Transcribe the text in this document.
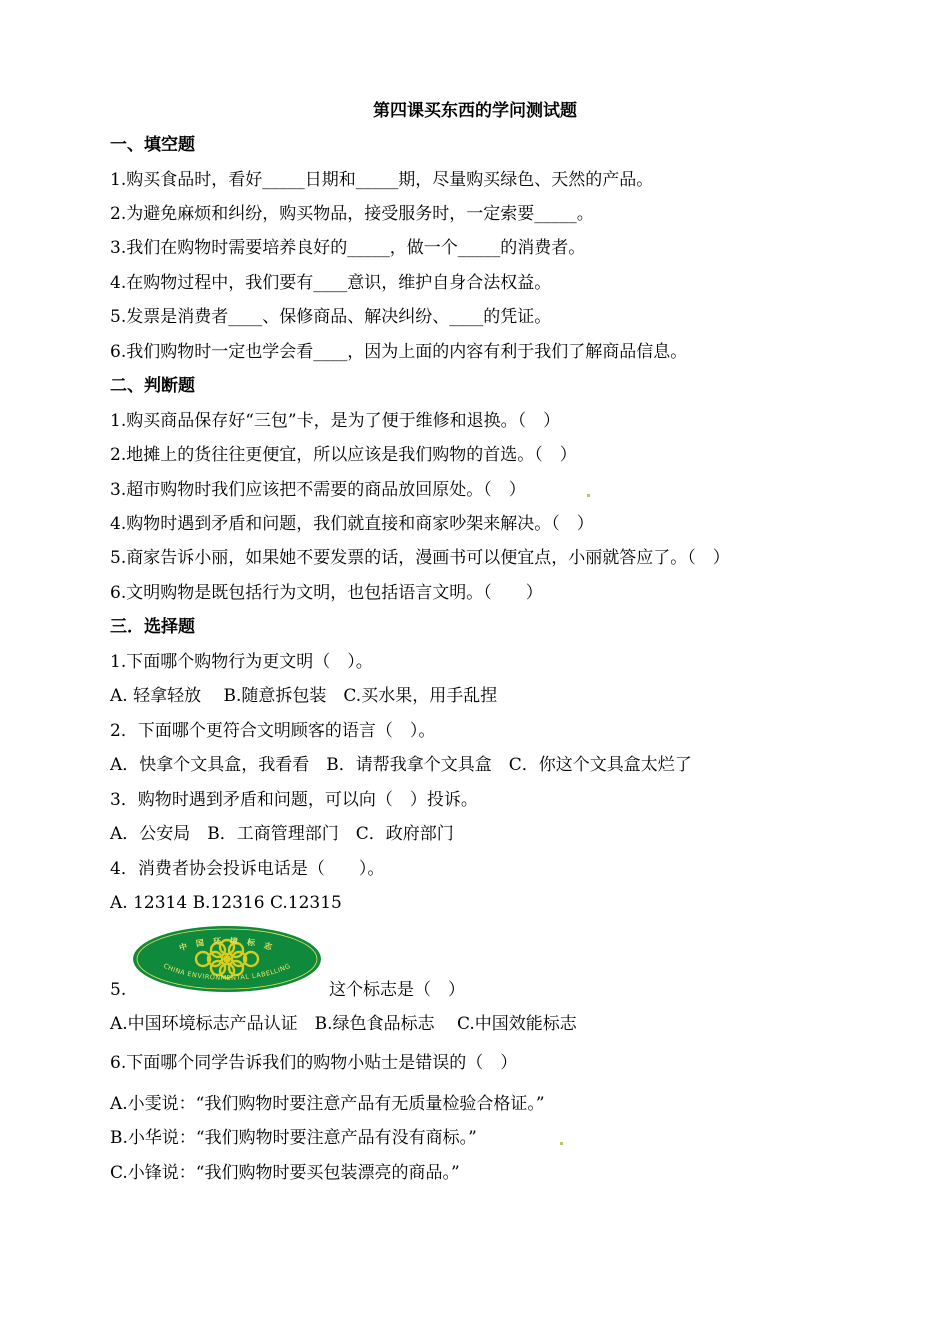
第四课买东西的学问测试题
一、填空题
1.购买食品时，看好_____日期和_____期，尽量购买绿色、天然的产品。
2.为避免麻烦和纠纷，购买物品，接受服务时，一定索要_____。
3.我们在购物时需要培养良好的_____，做一个_____的消费者。
4.在购物过程中，我们要有____意识，维护自身合法权益。
5.发票是消费者____、保修商品、解决纠纷、____的凭证。
6.我们购物时一定也学会看____，因为上面的内容有利于我们了解商品信息。
二、判断题
1.购买商品保存好“三包”卡，是为了便于维修和退换。（　）
2.地摊上的货往往更便宜，所以应该是我们购物的首选。（　）
3.超市购物时我们应该把不需要的商品放回原处。（　）
4.购物时遇到矛盾和问题，我们就直接和商家吵架来解决。（　）
5.商家告诉小丽，如果她不要发票的话，漫画书可以便宜点，小丽就答应了。（　）
6.文明购物是既包括行为文明，也包括语言文明。（　　）
三．选择题
1.下面哪个购物行为更文明（　）。
A. 轻拿轻放　 B.随意拆包装　C.买水果，用手乱捏
2．下面哪个更符合文明顾客的语言（　）。
A．快拿个文具盒，我看看　B．请帮我拿个文具盒　C．你这个文具盒太烂了
3．购物时遇到矛盾和问题，可以向（　）投诉。
A．公安局　B．工商管理部门　C．政府部门
4．消费者协会投诉电话是（　　）。
A. 12314 B.12316 C.12315
5.
中 国 环 境 标 志
CHINA ENVIRONMENTAL LABELLING
这个标志是（　）
A.中国环境标志产品认证　B.绿色食品标志　 C.中国效能标志
6.下面哪个同学告诉我们的购物小贴士是错误的（　）
A.小雯说：“我们购物时要注意产品有无质量检验合格证。”
B.小华说：“我们购物时要注意产品有没有商标。”
C.小锋说：“我们购物时要买包装漂亮的商品。”
